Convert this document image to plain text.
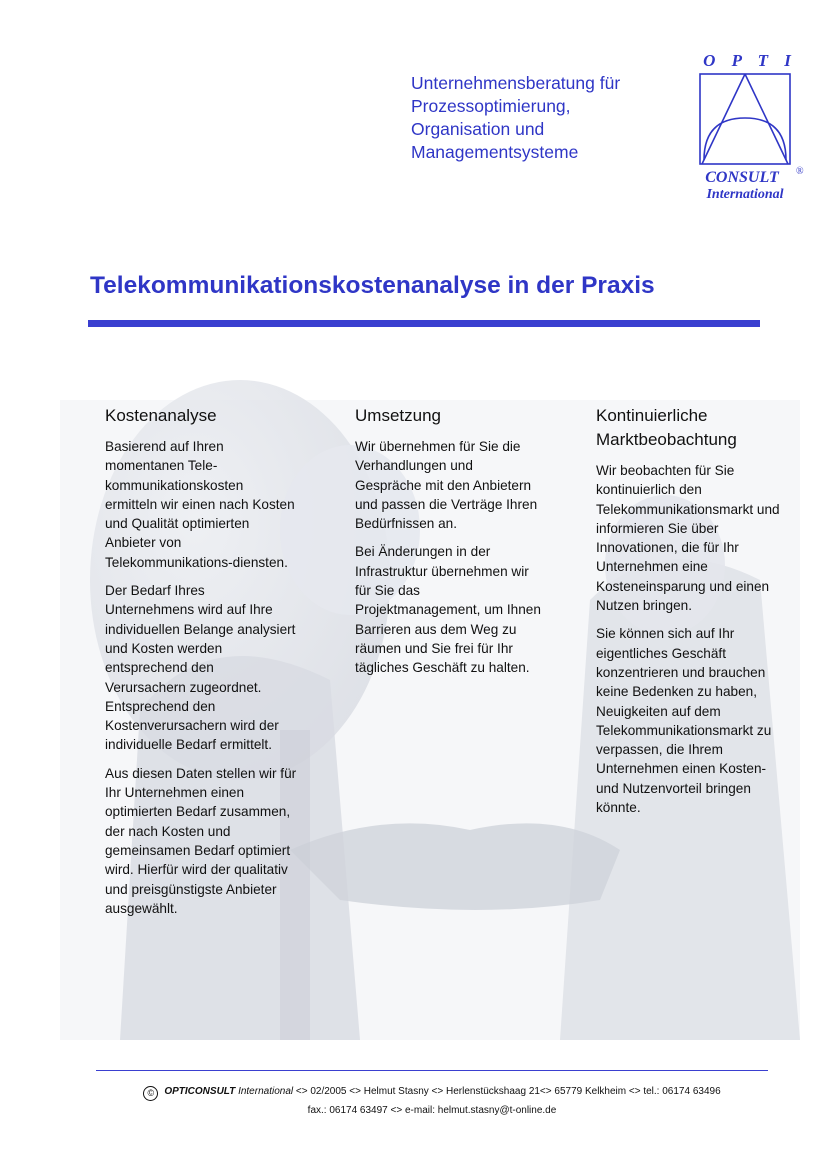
Unternehmensberatung für
Prozessoptimierung,
Organisation und
Managementsysteme
O P T I
CONSULT ®
International
Telekommunikationskostenanalyse in der Praxis
Kostenanalyse

Basierend auf Ihren momentanen Tele-kommunikationskosten ermitteln wir einen nach Kosten und Qualität optimierten Anbieter von Telekommunikations-diensten.

Der Bedarf Ihres Unternehmens wird auf Ihre individuellen Belange analysiert und Kosten werden entsprechend den Verursachern zugeordnet. Entsprechend den Kostenverursachern wird der individuelle Bedarf ermittelt.

Aus diesen Daten stellen wir für Ihr Unternehmen einen optimierten Bedarf zusammen, der nach Kosten und gemeinsamen Bedarf optimiert wird. Hierfür wird der qualitativ und preisgünstigste Anbieter ausgewählt.

Umsetzung

Wir übernehmen für Sie die Verhandlungen und Gespräche mit den Anbietern und passen die Verträge Ihren Bedürfnissen an.

Bei Änderungen in der Infrastruktur übernehmen wir für Sie das Projektmanagement, um Ihnen Barrieren aus dem Weg zu räumen und Sie frei für Ihr tägliches Geschäft zu halten.

Kontinuierliche Marktbeobachtung

Wir beobachten für Sie kontinuierlich den Telekommunikationsmarkt und informieren Sie über Innovationen, die für Ihr Unternehmen eine Kosteneinsparung und einen Nutzen bringen.

Sie können sich auf Ihr eigentliches Geschäft konzentrieren und brauchen keine Bedenken zu haben, Neuigkeiten auf dem Telekommunikationsmarkt zu verpassen, die Ihrem Unternehmen einen Kosten- und Nutzenvorteil bringen könnte.

© OPTICONSULT International <> 02/2005 <> Helmut Stasny <> Herlenstückshaag 21<> 65779 Kelkheim <> tel.: 06174 63496
fax.: 06174 63497 <> e-mail: helmut.stasny@t-online.de
